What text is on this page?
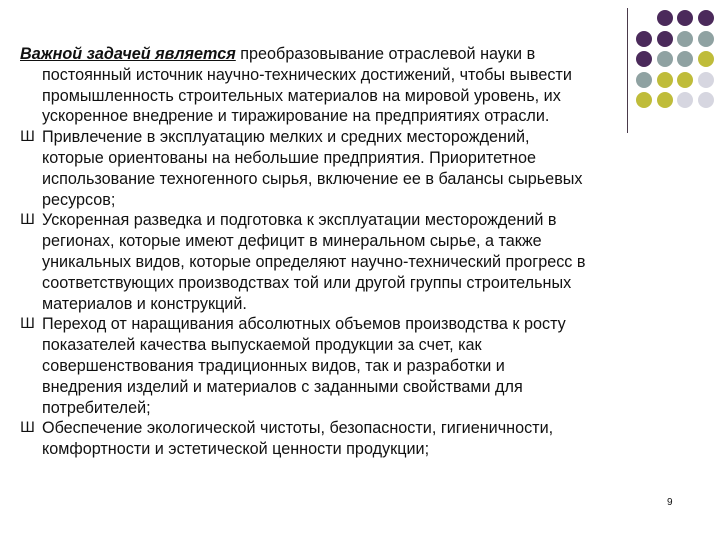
Важной задачей является преобразовывание отраслевой науки в
постоянный источник научно-технических достижений, чтобы вывести
промышленность строительных материалов на мировой уровень, их
ускоренное внедрение и тиражирование на предприятиях отрасли.
Ш Привлечение в эксплуатацию мелких и средних месторождений,
которые ориентованы на небольшие предприятия. Приоритетное
использование техногенного сырья, включение ее в балансы сырьевых
ресурсов;
Ш Ускоренная разведка и подготовка к эксплуатации месторождений в
регионах, которые имеют дефицит в минеральном сырье, а также
уникальных видов, которые определяют научно-технический прогресс в
соответствующих производствах той или другой группы строительных
материалов и конструкций.
Ш Переход от наращивания абсолютных объемов производства к росту
показателей качества выпускаемой продукции за счет, как
совершенствования традиционных видов, так и разработки и
внедрения изделий и материалов с заданными свойствами для
потребителей;
Ш Обеспечение экологической чистоты, безопасности, гигиеничности,
комфортности и эстетической ценности продукции;
9
